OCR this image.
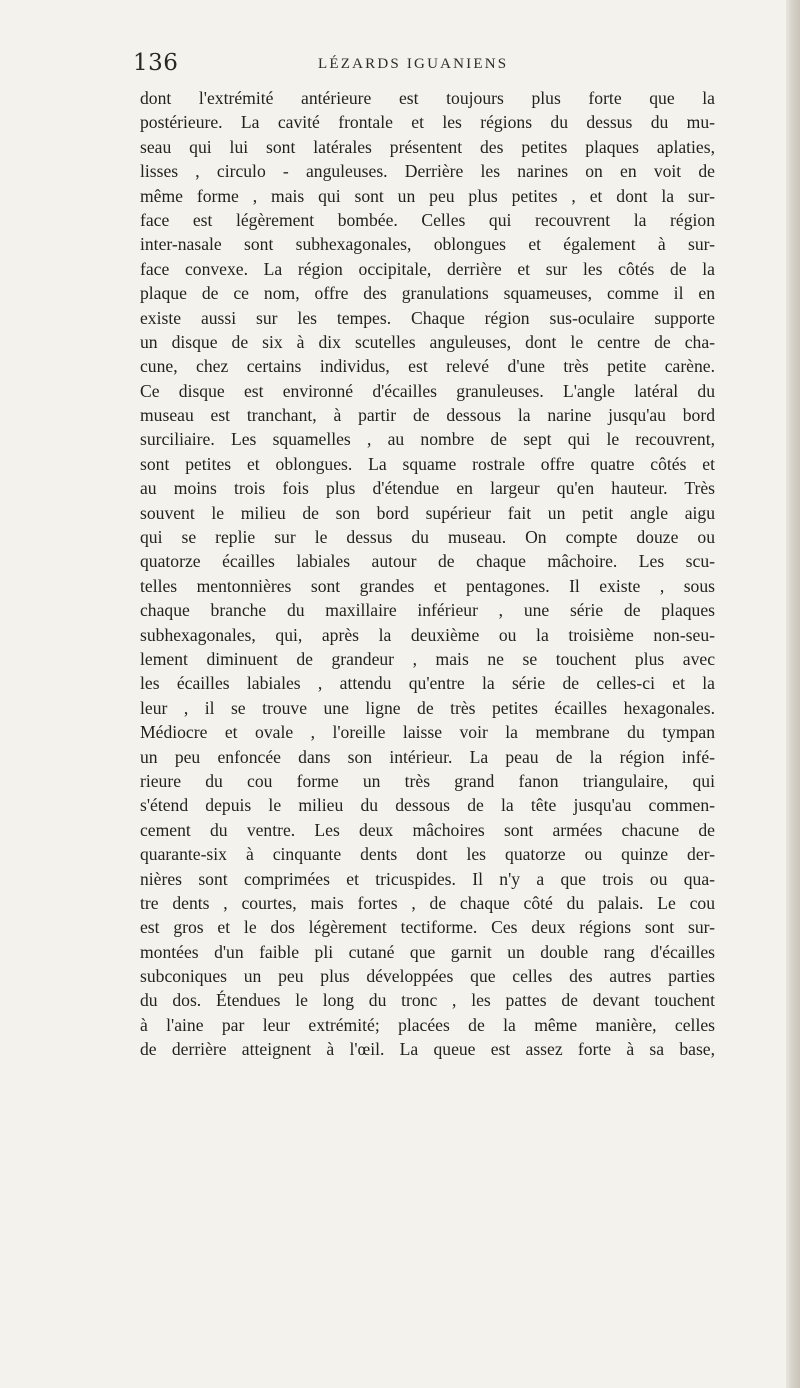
136	LÉZARDS IGUANIENS
dont l'extrémité antérieure est toujours plus forte que la
postérieure. La cavité frontale et les régions du dessus du mu-
seau qui lui sont latérales présentent des petites plaques aplaties,
lisses , circulo - anguleuses. Derrière les narines on en voit de
même forme , mais qui sont un peu plus petites , et dont la sur-
face est légèrement bombée. Celles qui recouvrent la région
inter-nasale sont subhexagonales, oblongues et également à sur-
face convexe. La région occipitale, derrière et sur les côtés de la
plaque de ce nom, offre des granulations squameuses, comme il en
existe aussi sur les tempes. Chaque région sus-oculaire supporte
un disque de six à dix scutelles anguleuses, dont le centre de cha-
cune, chez certains individus, est relevé d'une très petite carène.
Ce disque est environné d'écailles granuleuses. L'angle latéral du
museau est tranchant, à partir de dessous la narine jusqu'au bord
surciliaire. Les squamelles , au nombre de sept qui le recouvrent,
sont petites et oblongues. La squame rostrale offre quatre côtés et
au moins trois fois plus d'étendue en largeur qu'en hauteur. Très
souvent le milieu de son bord supérieur fait un petit angle aigu
qui se replie sur le dessus du museau. On compte douze ou
quatorze écailles labiales autour de chaque mâchoire. Les scu-
telles mentonnières sont grandes et pentagones. Il existe , sous
chaque branche du maxillaire inférieur , une série de plaques
subhexagonales, qui, après la deuxième ou la troisième non-seu-
lement diminuent de grandeur , mais ne se touchent plus avec
les écailles labiales , attendu qu'entre la série de celles-ci et la
leur , il se trouve une ligne de très petites écailles hexagonales.
Médiocre et ovale , l'oreille laisse voir la membrane du tympan
un peu enfoncée dans son intérieur. La peau de la région infé-
rieure du cou forme un très grand fanon triangulaire, qui
s'étend depuis le milieu du dessous de la tête jusqu'au commen-
cement du ventre. Les deux mâchoires sont armées chacune de
quarante-six à cinquante dents dont les quatorze ou quinze der-
nières sont comprimées et tricuspides. Il n'y a que trois ou qua-
tre dents , courtes, mais fortes , de chaque côté du palais. Le cou
est gros et le dos légèrement tectiforme. Ces deux régions sont sur-
montées d'un faible pli cutané que garnit un double rang d'écailles
subconiques un peu plus développées que celles des autres parties
du dos. Étendues le long du tronc , les pattes de devant touchent
à l'aine par leur extrémité; placées de la même manière, celles
de derrière atteignent à l'œil. La queue est assez forte à sa base,
